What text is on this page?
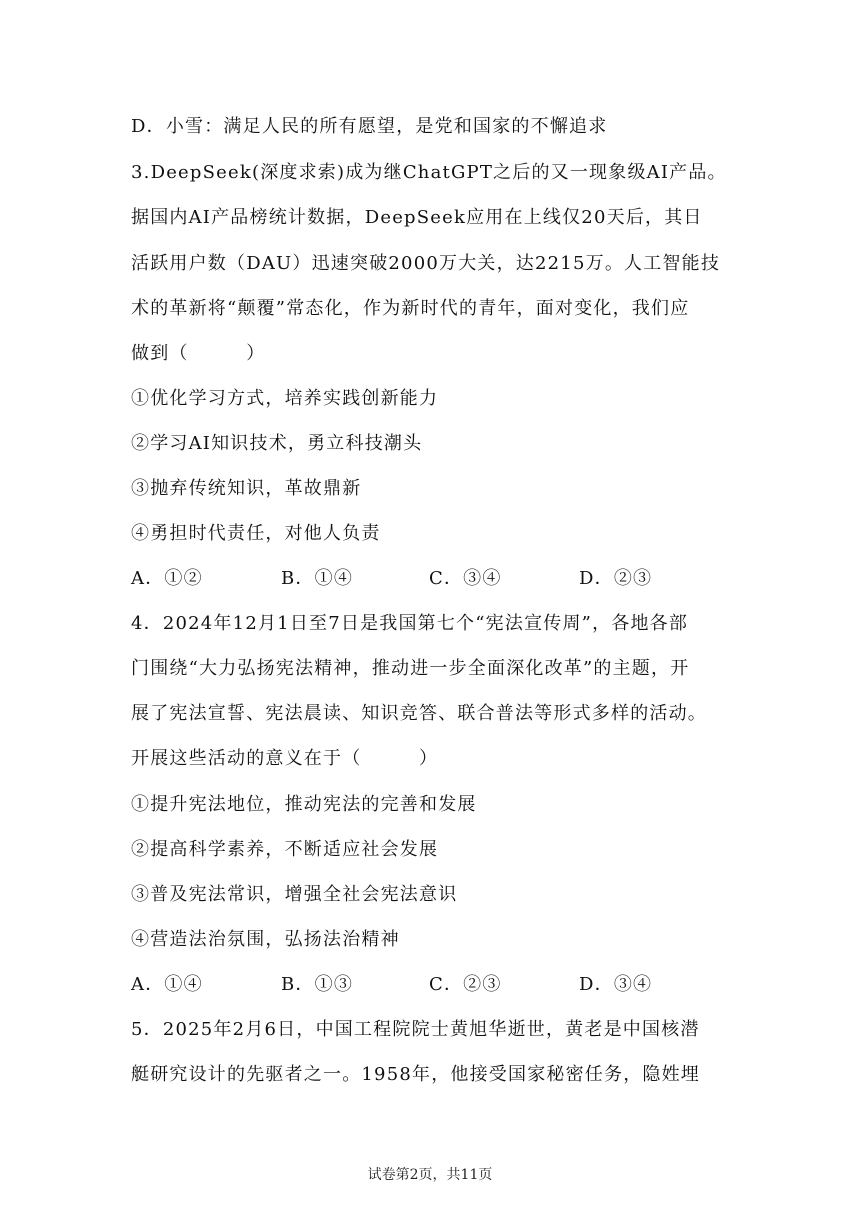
D．小雪：满足人民的所有愿望，是党和国家的不懈追求
3.DeepSeek(深度求索)成为继ChatGPT之后的又一现象级AI产品。
据国内AI产品榜统计数据，DeepSeek应用在上线仅20天后，其日
活跃用户数（DAU）迅速突破2000万大关，达2215万。人工智能技
术的革新将“颠覆”常态化，作为新时代的青年，面对变化，我们应
做到（　　　）
①优化学习方式，培养实践创新能力
②学习AI知识技术，勇立科技潮头
③抛弃传统知识，革故鼎新
④勇担时代责任，对他人负责
A．①②	B．①④	C．③④	D．②③
4．2024年12月1日至7日是我国第七个“宪法宣传周”，各地各部
门围绕“大力弘扬宪法精神，推动进一步全面深化改革”的主题，开
展了宪法宣誓、宪法晨读、知识竞答、联合普法等形式多样的活动。
开展这些活动的意义在于（　　　）
①提升宪法地位，推动宪法的完善和发展
②提高科学素养，不断适应社会发展
③普及宪法常识，增强全社会宪法意识
④营造法治氛围，弘扬法治精神
A．①④	B．①③	C．②③	D．③④
5．2025年2月6日，中国工程院院士黄旭华逝世，黄老是中国核潜
艇研究设计的先驱者之一。1958年，他接受国家秘密任务，隐姓埋
试卷第2页，共11页
